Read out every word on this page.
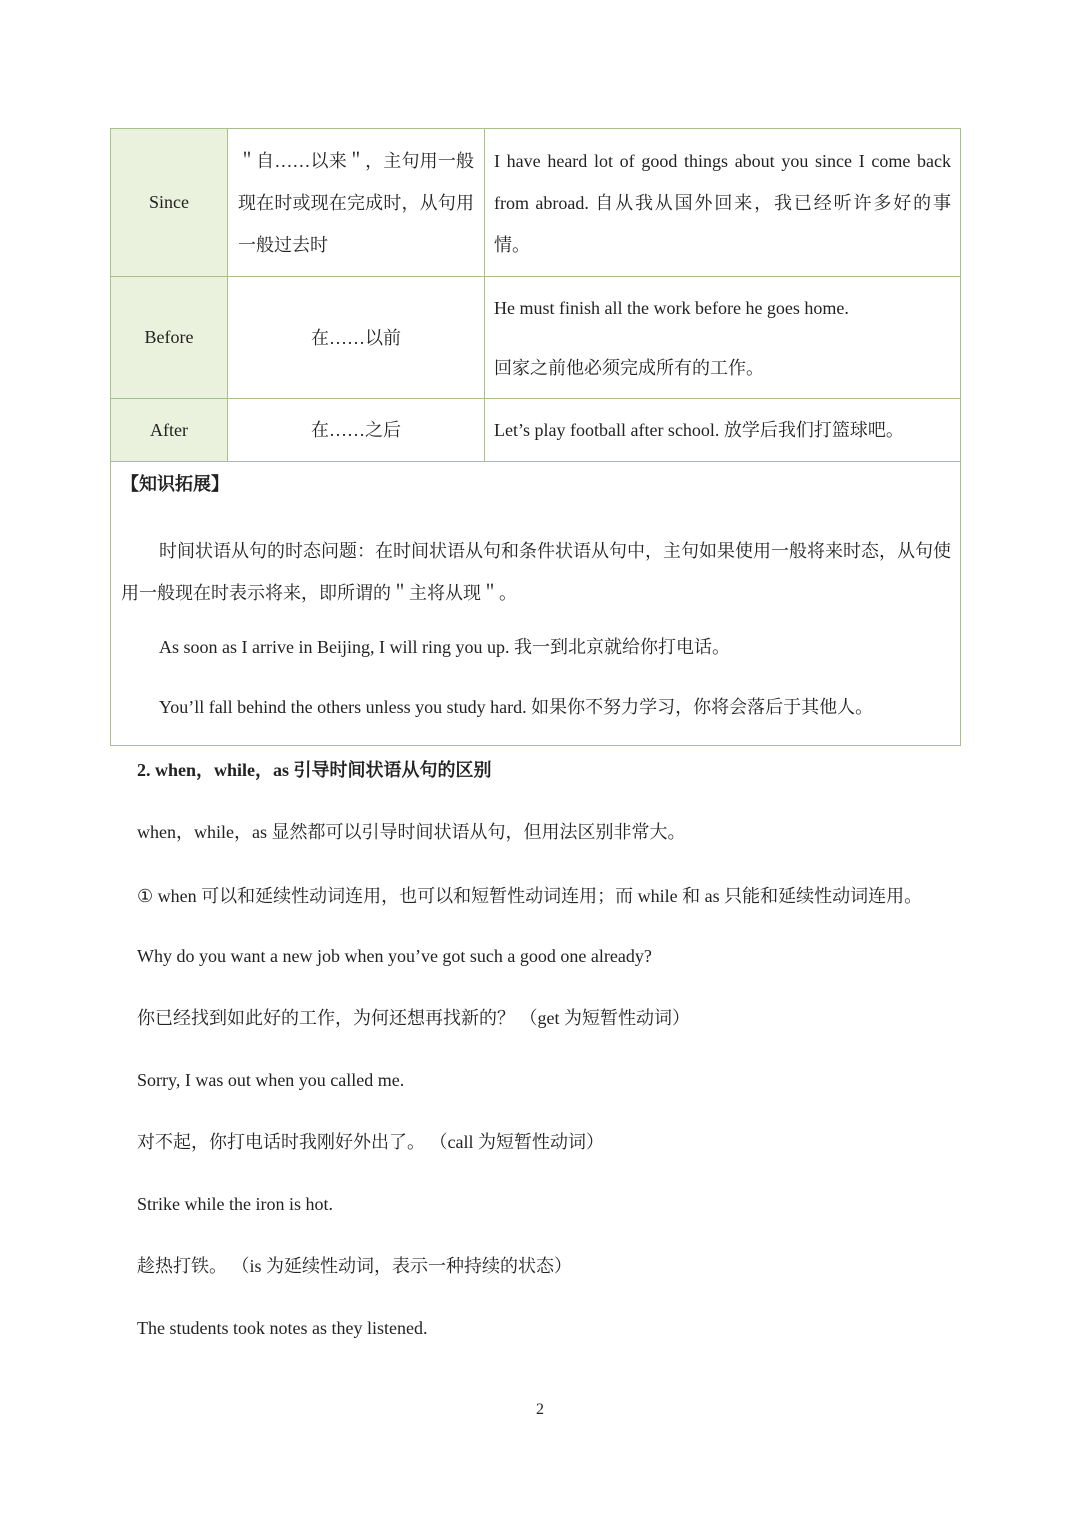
Since	＂自……以来＂，主句用一般现在时或现在完成时，从句用一般过去时	I have heard lot of good things about you since I come back from abroad. 自从我从国外回来，我已经听许多好的事情。

Before	在……以前	He must finish all the work before he goes home.

回家之前他必须完成所有的工作。

After	在……之后	Let’s play football after school. 放学后我们打篮球吧。
【知识拓展】

时间状语从句的时态问题：在时间状语从句和条件状语从句中，主句如果使用一般将来时态，从句使用一般现在时表示将来，即所谓的＂主将从现＂。

As soon as I arrive in Beijing, I will ring you up. 我一到北京就给你打电话。

You’ll fall behind the others unless you study hard. 如果你不努力学习，你将会落后于其他人。

2. when，while，as 引导时间状语从句的区别

when，while，as 显然都可以引导时间状语从句，但用法区别非常大。

① when 可以和延续性动词连用，也可以和短暂性动词连用；而 while 和 as 只能和延续性动词连用。

Why do you want a new job when you’ve got such a good one already?

你已经找到如此好的工作，为何还想再找新的？ （get 为短暂性动词）

Sorry, I was out when you called me.

对不起，你打电话时我刚好外出了。 （call 为短暂性动词）

Strike while the iron is hot.

趁热打铁。 （is 为延续性动词，表示一种持续的状态）

The students took notes as they listened.

2
